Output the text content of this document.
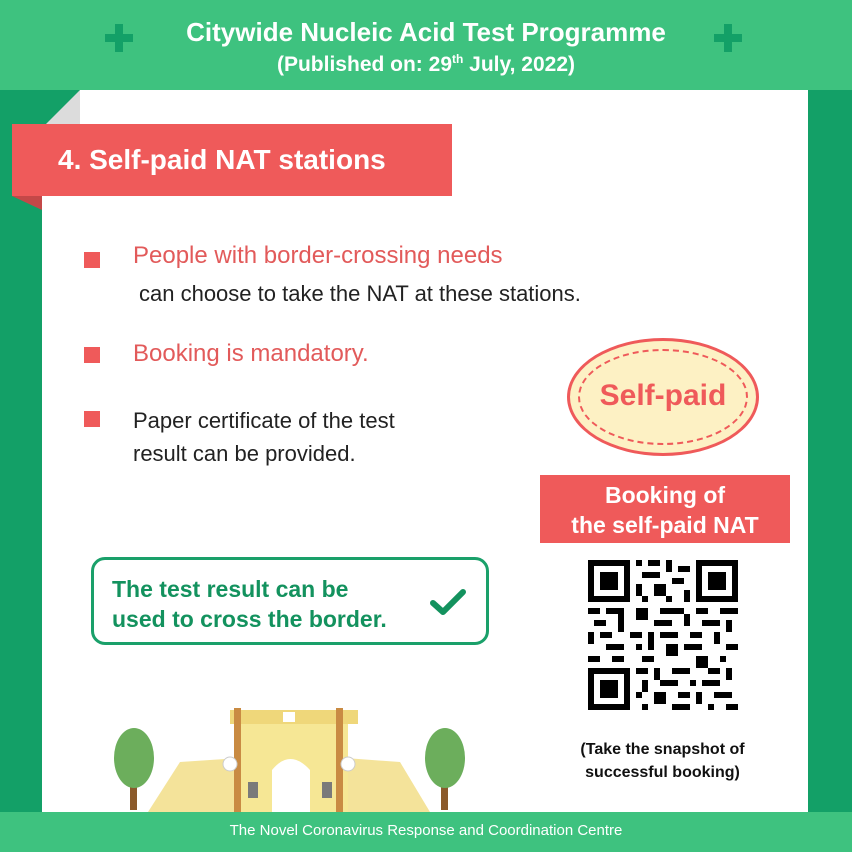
Citywide Nucleic Acid Test Programme
(Published on: 29th July, 2022)
4. Self-paid NAT stations
People with border-crossing needs
can choose to take the NAT at these stations.
Booking is mandatory.
Paper certificate of the test
result can be provided.
Self-paid
Booking of
the self-paid NAT
(Take the snapshot of
successful booking)
The test result can be
used to cross the border.
The Novel Coronavirus Response and Coordination Centre
